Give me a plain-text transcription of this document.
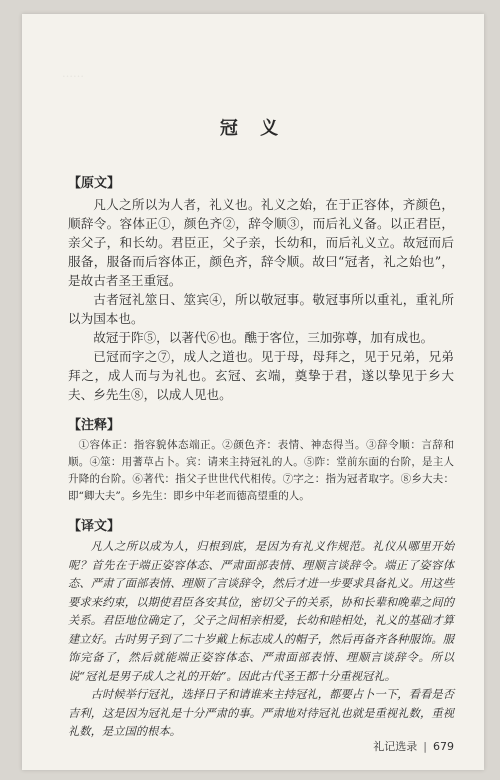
……
冠 义
【原文】

凡人之所以为人者，礼义也。礼义之始，在于正容体，齐颜色，顺辞令。容体正①，颜色齐②，辞令顺③，而后礼义备。以正君臣，亲父子，和长幼。君臣正，父子亲，长幼和，而后礼义立。故冠而后服备，服备而后容体正，颜色齐，辞令顺。故曰“冠者，礼之始也”，是故古者圣王重冠。

古者冠礼筮日、筮宾④，所以敬冠事。敬冠事所以重礼，重礼所以为国本也。

故冠于阼⑤，以著代⑥也。醮于客位，三加弥尊，加有成也。

已冠而字之⑦，成人之道也。见于母，母拜之，见于兄弟，兄弟拜之，成人而与为礼也。玄冠、玄端，奠挚于君，遂以挚见于乡大夫、乡先生⑧，以成人见也。

【注释】

①容体正：指容貌体态端正。②颜色齐：表情、神态得当。③辞令顺：言辞和顺。④筮：用蓍草占卜。宾：请来主持冠礼的人。⑤阼：堂前东面的台阶，是主人升降的台阶。⑥著代：指父子世世代代相传。⑦字之：指为冠者取字。⑧乡大夫：即“卿大夫”。乡先生：即乡中年老而德高望重的人。

【译文】

凡人之所以成为人，归根到底，是因为有礼义作规范。礼仪从哪里开始呢？首先在于端正姿容体态、严肃面部表情、理顺言谈辞令。端正了姿容体态、严肃了面部表情、理顺了言谈辞令，然后才进一步要求具备礼义。用这些要求来约束，以期使君臣各安其位，密切父子的关系，协和长辈和晚辈之间的关系。君臣地位确定了，父子之间相亲相爱，长幼和睦相处，礼义的基础才算建立好。古时男子到了二十岁戴上标志成人的帽子，然后再备齐各种服饰。服饰完备了，然后就能端正姿容体态、严肃面部表情、理顺言谈辞令。所以说“冠礼是男子成人之礼的开始”。因此古代圣王都十分重视冠礼。

古时候举行冠礼，选择日子和请谁来主持冠礼，都要占卜一下，看看是否吉利，这是因为冠礼是十分严肃的事。严肃地对待冠礼也就是重视礼数，重视礼数，是立国的根本。

礼记选录 | 679
